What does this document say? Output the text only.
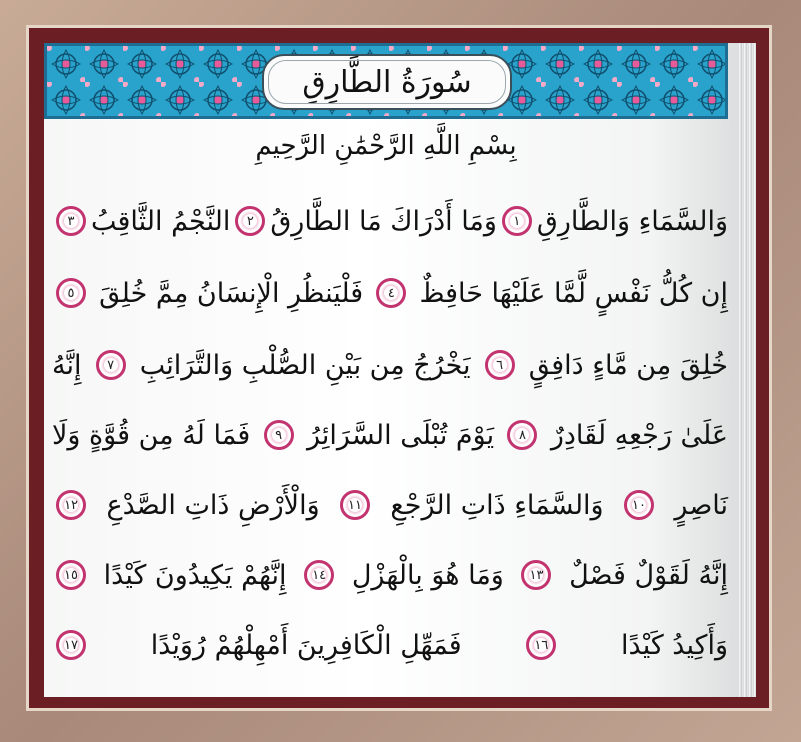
سُورَةُ الطَّارِقِ
بِسْمِ اللَّهِ الرَّحْمَٰنِ الرَّحِيمِ
وَالسَّمَاءِ وَالطَّارِقِ
١
وَمَا أَدْرَاكَ مَا الطَّارِقُ
٢
النَّجْمُ الثَّاقِبُ
٣
إِن كُلُّ نَفْسٍ لَّمَّا عَلَيْهَا حَافِظٌ
٤
فَلْيَنظُرِ الْإِنسَانُ مِمَّ خُلِقَ
٥
خُلِقَ مِن مَّاءٍ دَافِقٍ
٦
يَخْرُجُ مِن بَيْنِ الصُّلْبِ وَالتَّرَائِبِ
٧
إِنَّهُ
عَلَىٰ رَجْعِهِ لَقَادِرٌ
٨
يَوْمَ تُبْلَى السَّرَائِرُ
٩
فَمَا لَهُ مِن قُوَّةٍ وَلَا
نَاصِرٍ
١٠
وَالسَّمَاءِ ذَاتِ الرَّجْعِ
١١
وَالْأَرْضِ ذَاتِ الصَّدْعِ
١٢
إِنَّهُ لَقَوْلٌ فَصْلٌ
١٣
وَمَا هُوَ بِالْهَزْلِ
١٤
إِنَّهُمْ يَكِيدُونَ كَيْدًا
١٥
وَأَكِيدُ كَيْدًا
١٦
فَمَهِّلِ الْكَافِرِينَ أَمْهِلْهُمْ رُوَيْدًا
١٧
